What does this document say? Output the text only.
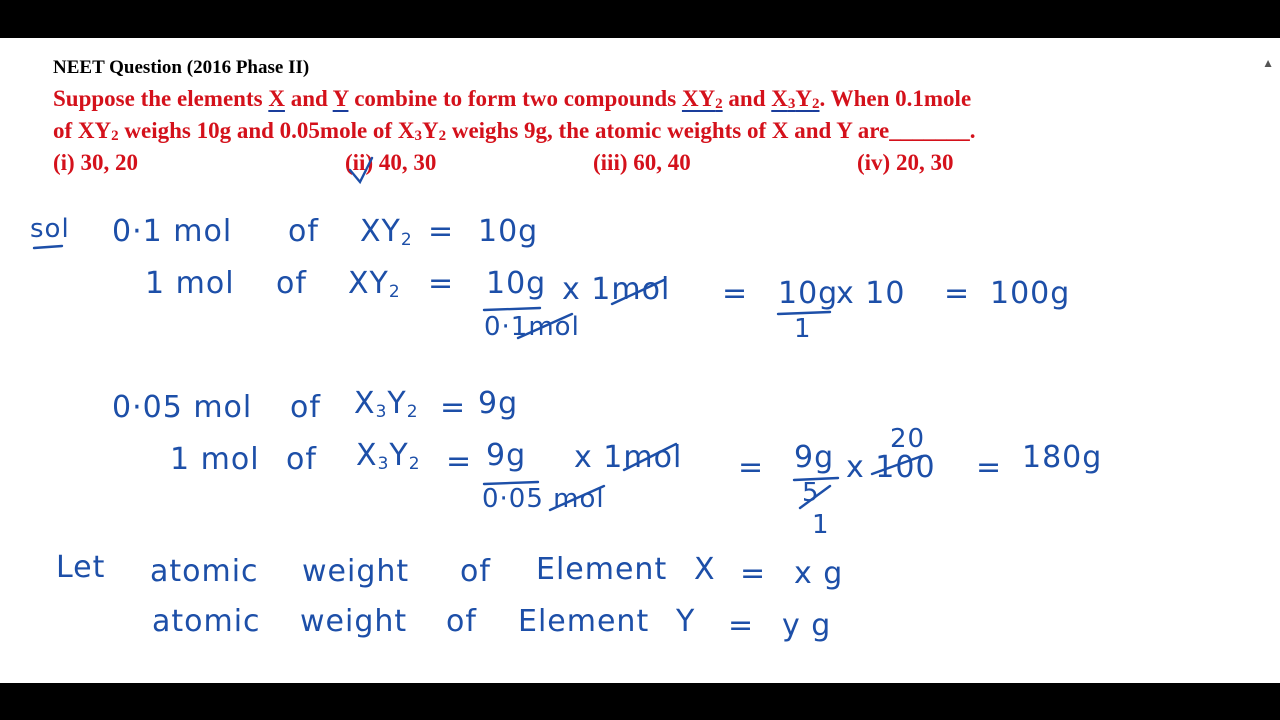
NEET Question (2016 Phase II)
Suppose the elements X and Y combine to form two compounds $XY_2$ and $X_3Y_2$. When 0.1mole
of $XY_2$ weighs 10g and 0.05mole of $X_3Y_2$ weighs 9g, the atomic weights of X and Y are_______.
(i) 30, 20	(ii) 40, 30	(iii) 60, 40	(iv) 20, 30
▲
sol 0·1 mol of $XY_2 = 10g$
1 mol of $XY_2 = 10g$
0·1mol
x 1mol = 10g
1
x 10 = 100g
0·05 mol of $X_3Y_2 = 9g$
1 mol of $X_3Y_2 = 9g$
0·05 mol
x 1mol = 9g
5
1
x 100
20
= 180g
Let atomic weight of Element X = x g
atomic weight of Element Y = y g
